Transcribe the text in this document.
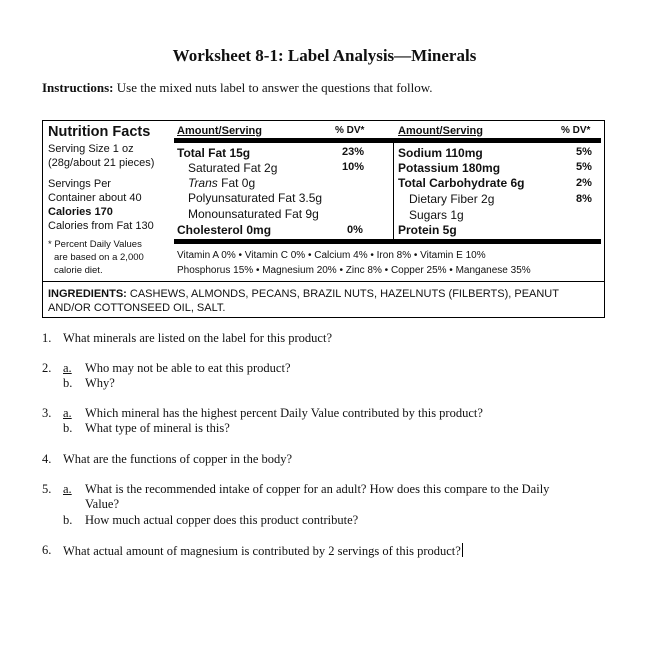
Worksheet 8-1: Label Analysis—Minerals
Instructions: Use the mixed nuts label to answer the questions that follow.
Nutrition Facts
Serving Size 1 oz
(28g/about 21 pieces)
Servings Per
Container about 40
Calories 170
Calories from Fat 130
* Percent Daily Values
are based on a 2,000
calorie diet.
Amount/Serving	% DV*	Amount/Serving	% DV*
Total Fat 15g	23%
Saturated Fat 2g	10%
Trans Fat 0g
Polyunsaturated Fat 3.5g
Monounsaturated Fat 9g
Cholesterol 0mg	0%
Sodium 110mg	5%
Potassium 180mg	5%
Total Carbohydrate 6g	2%
Dietary Fiber 2g	8%
Sugars 1g
Protein 5g
Vitamin A 0% • Vitamin C 0% • Calcium 4% • Iron 8% • Vitamin E 10%
Phosphorus 15% • Magnesium 20% • Zinc 8% • Copper 25% • Manganese 35%
INGREDIENTS: CASHEWS, ALMONDS, PECANS, BRAZIL NUTS, HAZELNUTS (FILBERTS), PEANUT
AND/OR COTTONSEED OIL, SALT.
1. What minerals are listed on the label for this product?
2. a. Who may not be able to eat this product?
b. Why?
3. a. Which mineral has the highest percent Daily Value contributed by this product?
b. What type of mineral is this?
4. What are the functions of copper in the body?
5. a. What is the recommended intake of copper for an adult? How does this compare to the Daily
Value?
b. How much actual copper does this product contribute?
6. What actual amount of magnesium is contributed by 2 servings of this product?
